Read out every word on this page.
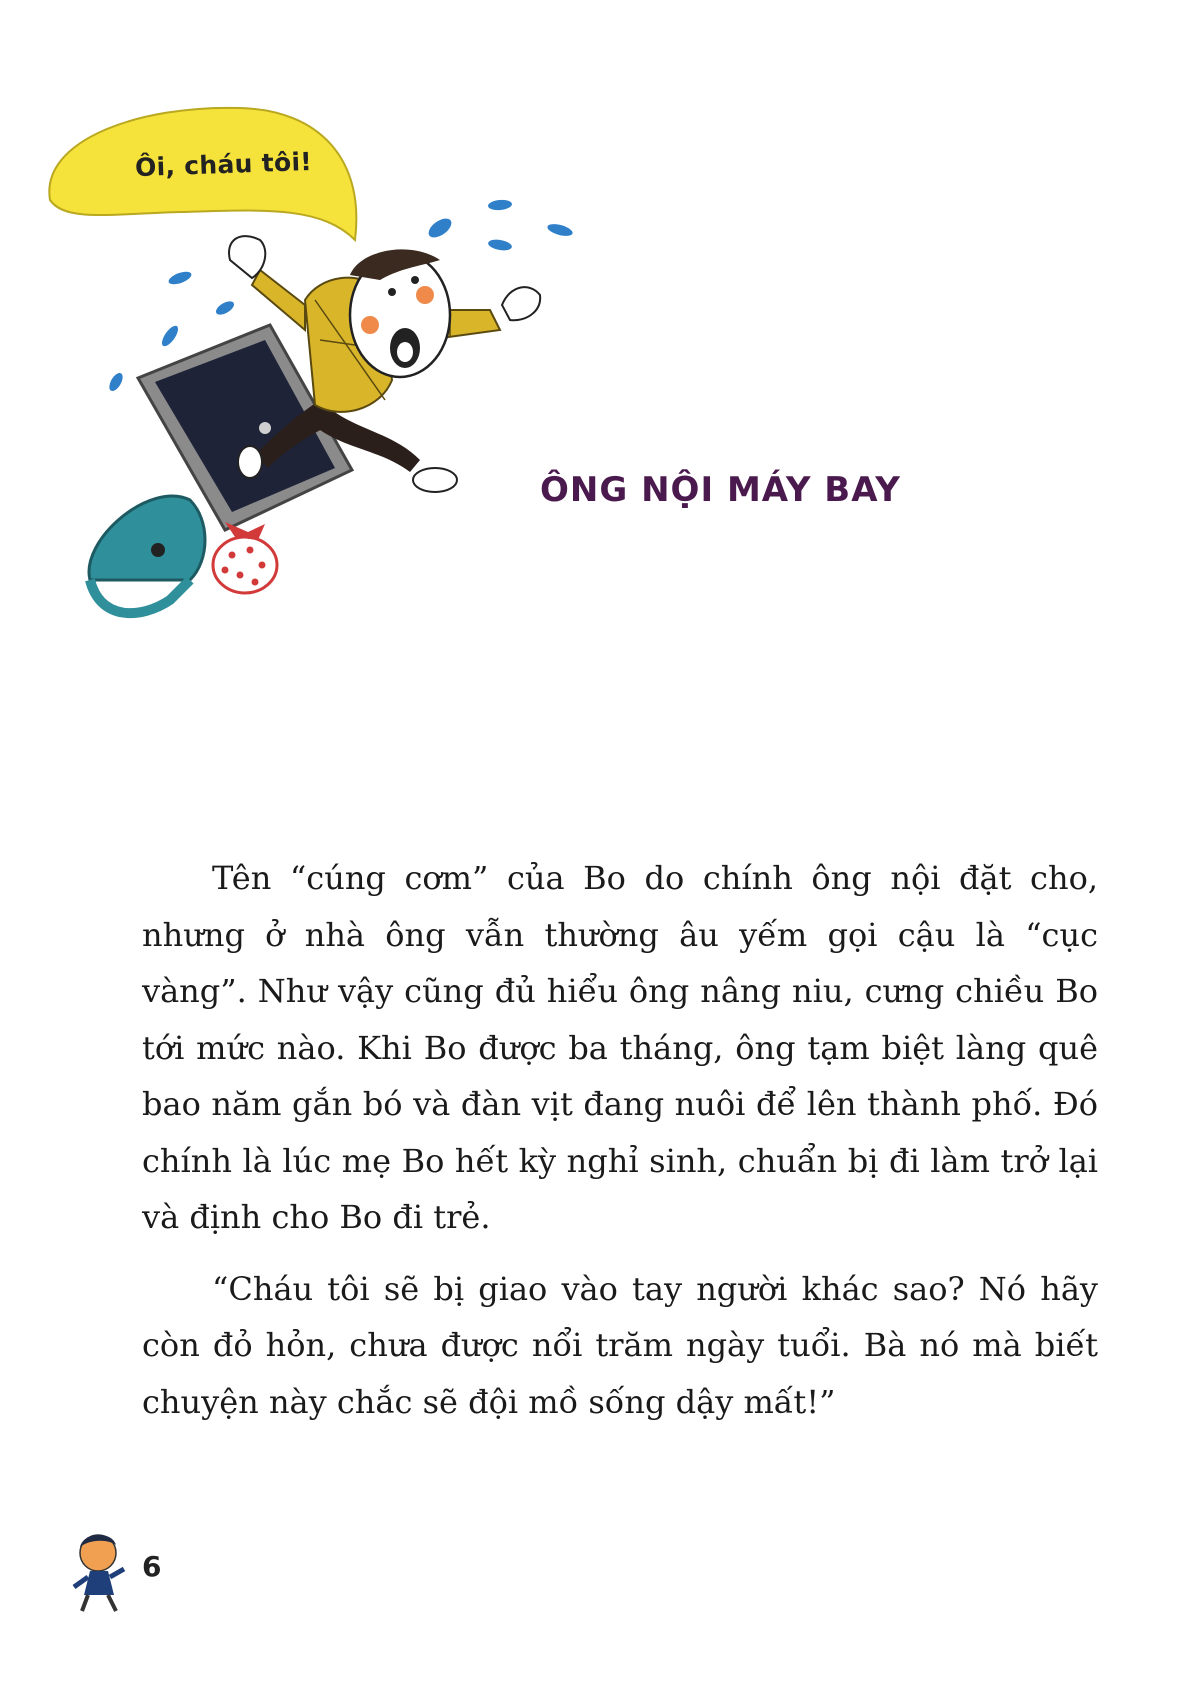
Ôi, cháu tôi!
ÔNG NỘI MÁY BAY

Tên “cúng cơm” của Bo do chính ông nội đặt cho, nhưng ở nhà ông vẫn thường âu yếm gọi cậu là “cục vàng”. Như vậy cũng đủ hiểu ông nâng niu, cưng chiều Bo tới mức nào. Khi Bo được ba tháng, ông tạm biệt làng quê bao năm gắn bó và đàn vịt đang nuôi để lên thành phố. Đó chính là lúc mẹ Bo hết kỳ nghỉ sinh, chuẩn bị đi làm trở lại và định cho Bo đi trẻ.

“Cháu tôi sẽ bị giao vào tay người khác sao? Nó hãy còn đỏ hỏn, chưa được nổi trăm ngày tuổi. Bà nó mà biết chuyện này chắc sẽ đội mồ sống dậy mất!”

6
